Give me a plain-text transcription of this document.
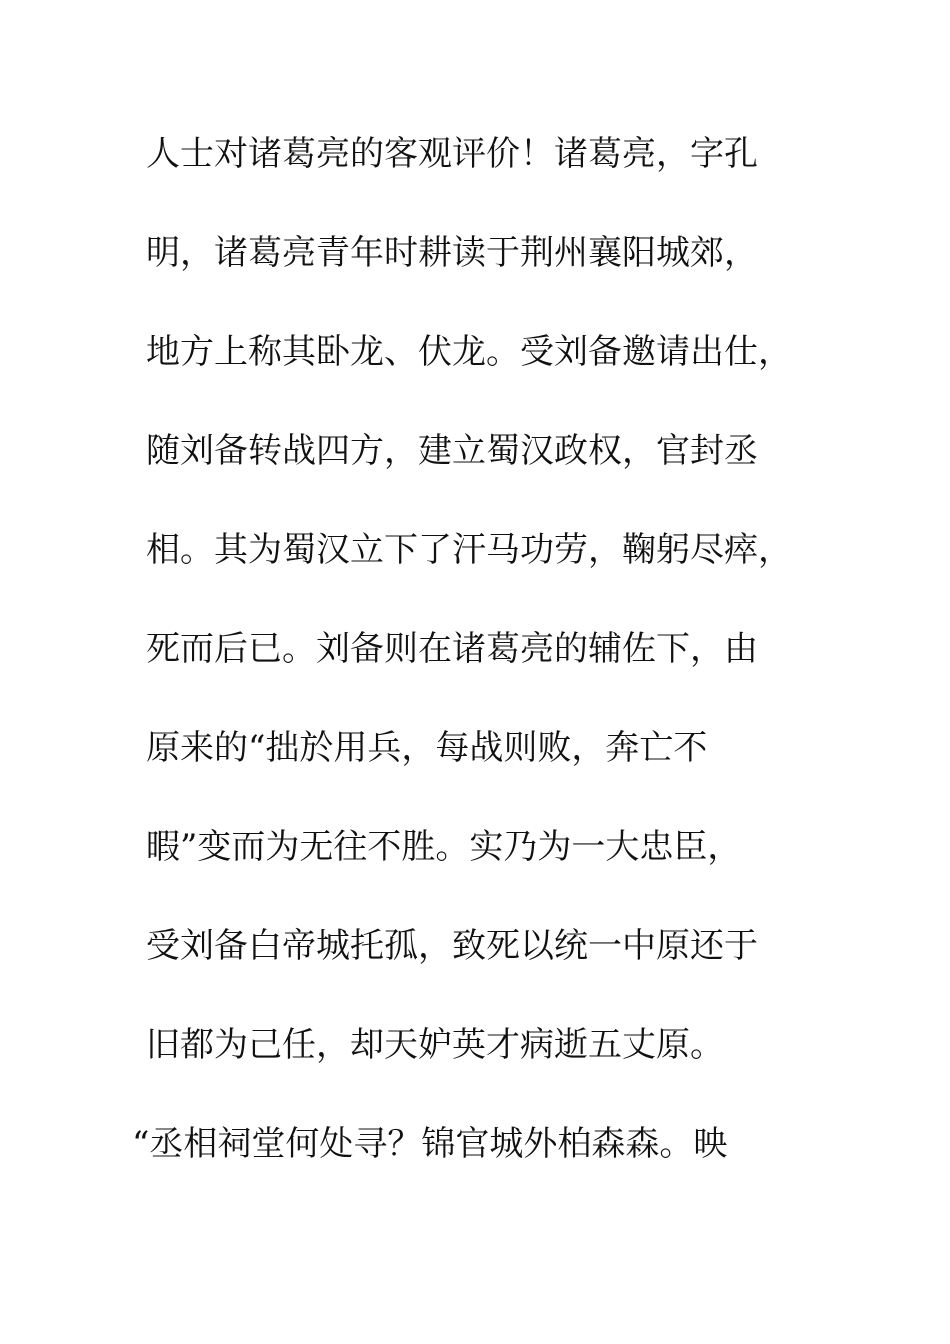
人士对诸葛亮的客观评价！诸葛亮，字孔
明，诸葛亮青年时耕读于荆州襄阳城郊，
地方上称其卧龙、伏龙。受刘备邀请出仕，
随刘备转战四方，建立蜀汉政权，官封丞
相。其为蜀汉立下了汗马功劳，鞠躬尽瘁，
死而后已。刘备则在诸葛亮的辅佐下，由
原来的“拙於用兵，每战则败，奔亡不
暇”变而为无往不胜。实乃为一大忠臣，
受刘备白帝城托孤，致死以统一中原还于
旧都为己任，却天妒英才病逝五丈原。
“丞相祠堂何处寻？锦官城外柏森森。映
